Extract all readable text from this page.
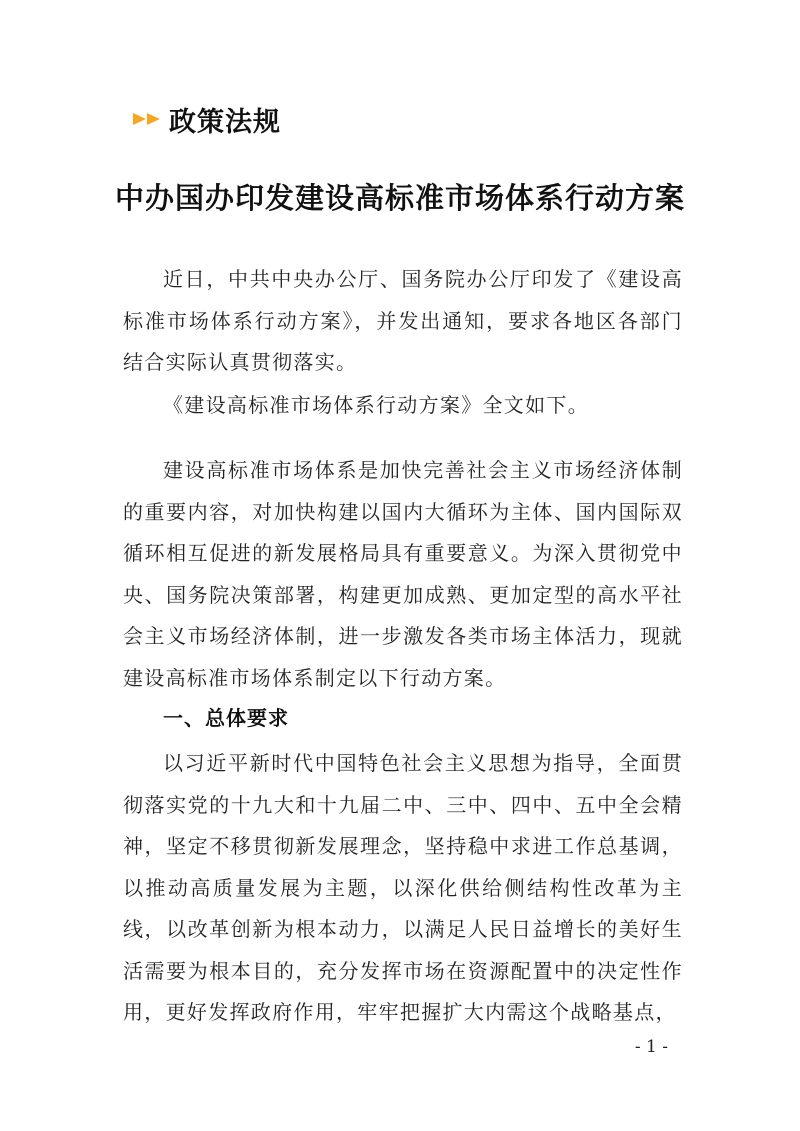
政策法规
中办国办印发建设高标准市场体系行动方案

近日，中共中央办公厅、国务院办公厅印发了《建设高标准市场体系行动方案》，并发出通知，要求各地区各部门结合实际认真贯彻落实。

《建设高标准市场体系行动方案》全文如下。

建设高标准市场体系是加快完善社会主义市场经济体制的重要内容，对加快构建以国内大循环为主体、国内国际双循环相互促进的新发展格局具有重要意义。为深入贯彻党中央、国务院决策部署，构建更加成熟、更加定型的高水平社会主义市场经济体制，进一步激发各类市场主体活力，现就建设高标准市场体系制定以下行动方案。

一、总体要求

以习近平新时代中国特色社会主义思想为指导，全面贯彻落实党的十九大和十九届二中、三中、四中、五中全会精神，坚定不移贯彻新发展理念，坚持稳中求进工作总基调，以推动高质量发展为主题，以深化供给侧结构性改革为主线，以改革创新为根本动力，以满足人民日益增长的美好生活需要为根本目的，充分发挥市场在资源配置中的决定性作用，更好发挥政府作用，牢牢把握扩大内需这个战略基点，

- 1 -
